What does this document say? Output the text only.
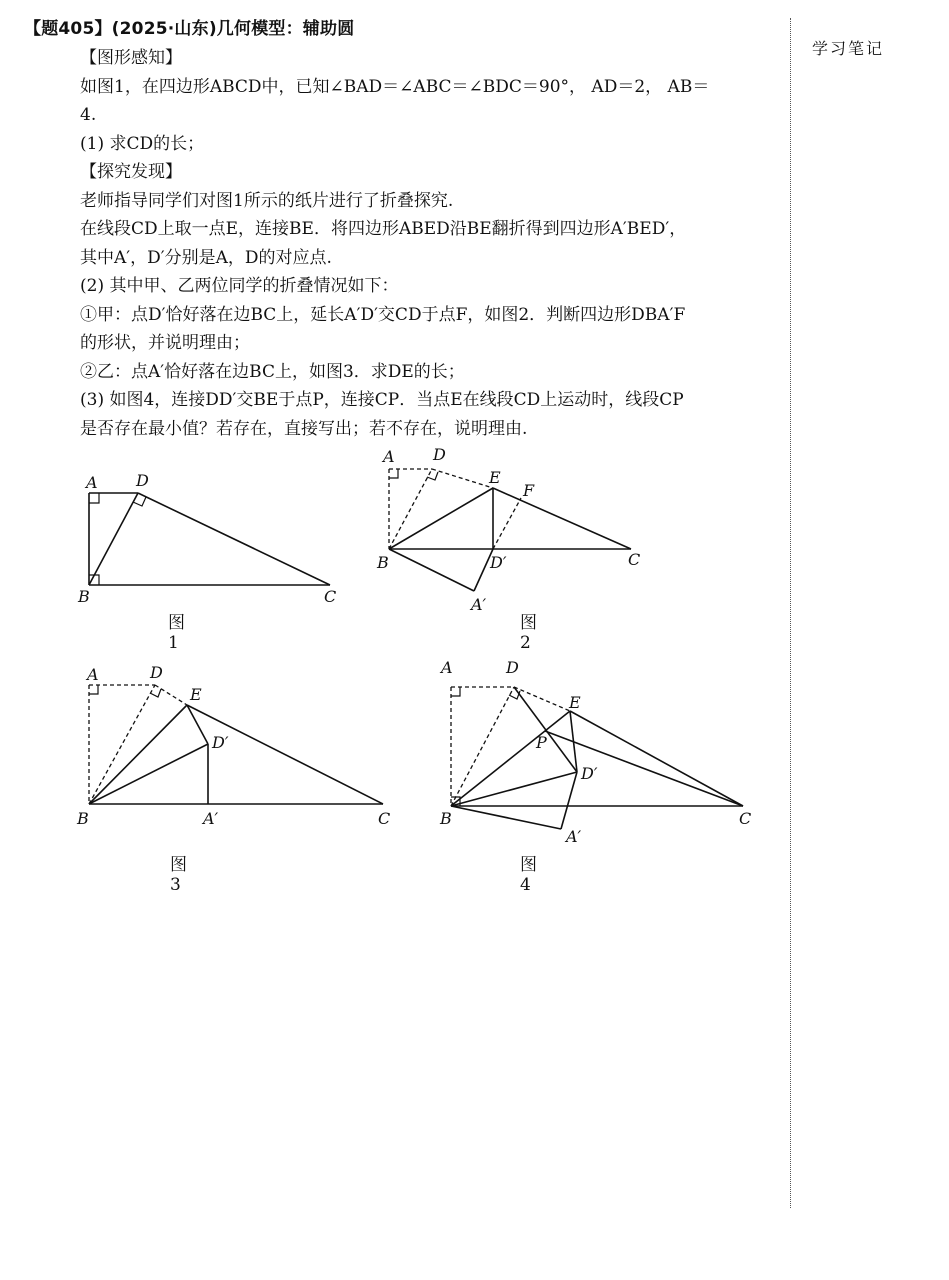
【题405】(2025·山东)几何模型：辅助圆
学习笔记

【图形感知】

如图1，在四边形ABCD中，已知∠BAD＝∠ABC＝∠BDC＝90°， AD＝2， AB＝

4.

(1) 求CD的长；

【探究发现】

老师指导同学们对图1所示的纸片进行了折叠探究.

在线段CD上取一点E，连接BE．将四边形ABED沿BE翻折得到四边形A′BED′，

其中A′，D′分别是A，D的对应点.

(2) 其中甲、乙两位同学的折叠情况如下：

①甲：点D′恰好落在边BC上，延长A′D′交CD于点F，如图2．判断四边形DBA′F

的形状，并说明理由；

②乙：点A′恰好落在边BC上，如图3．求DE的长；

(3) 如图4，连接DD′交BE于点P，连接CP．当点E在线段CD上运动时，线段CP

是否存在最小值？若存在，直接写出；若不存在，说明理由.

A D
B	C
图1
A D
E
F
B	D′	C
A′
图2
A	D
E
D′
B	A′	C
图3
A	D
E
P
D′
B
A′
C
图4
